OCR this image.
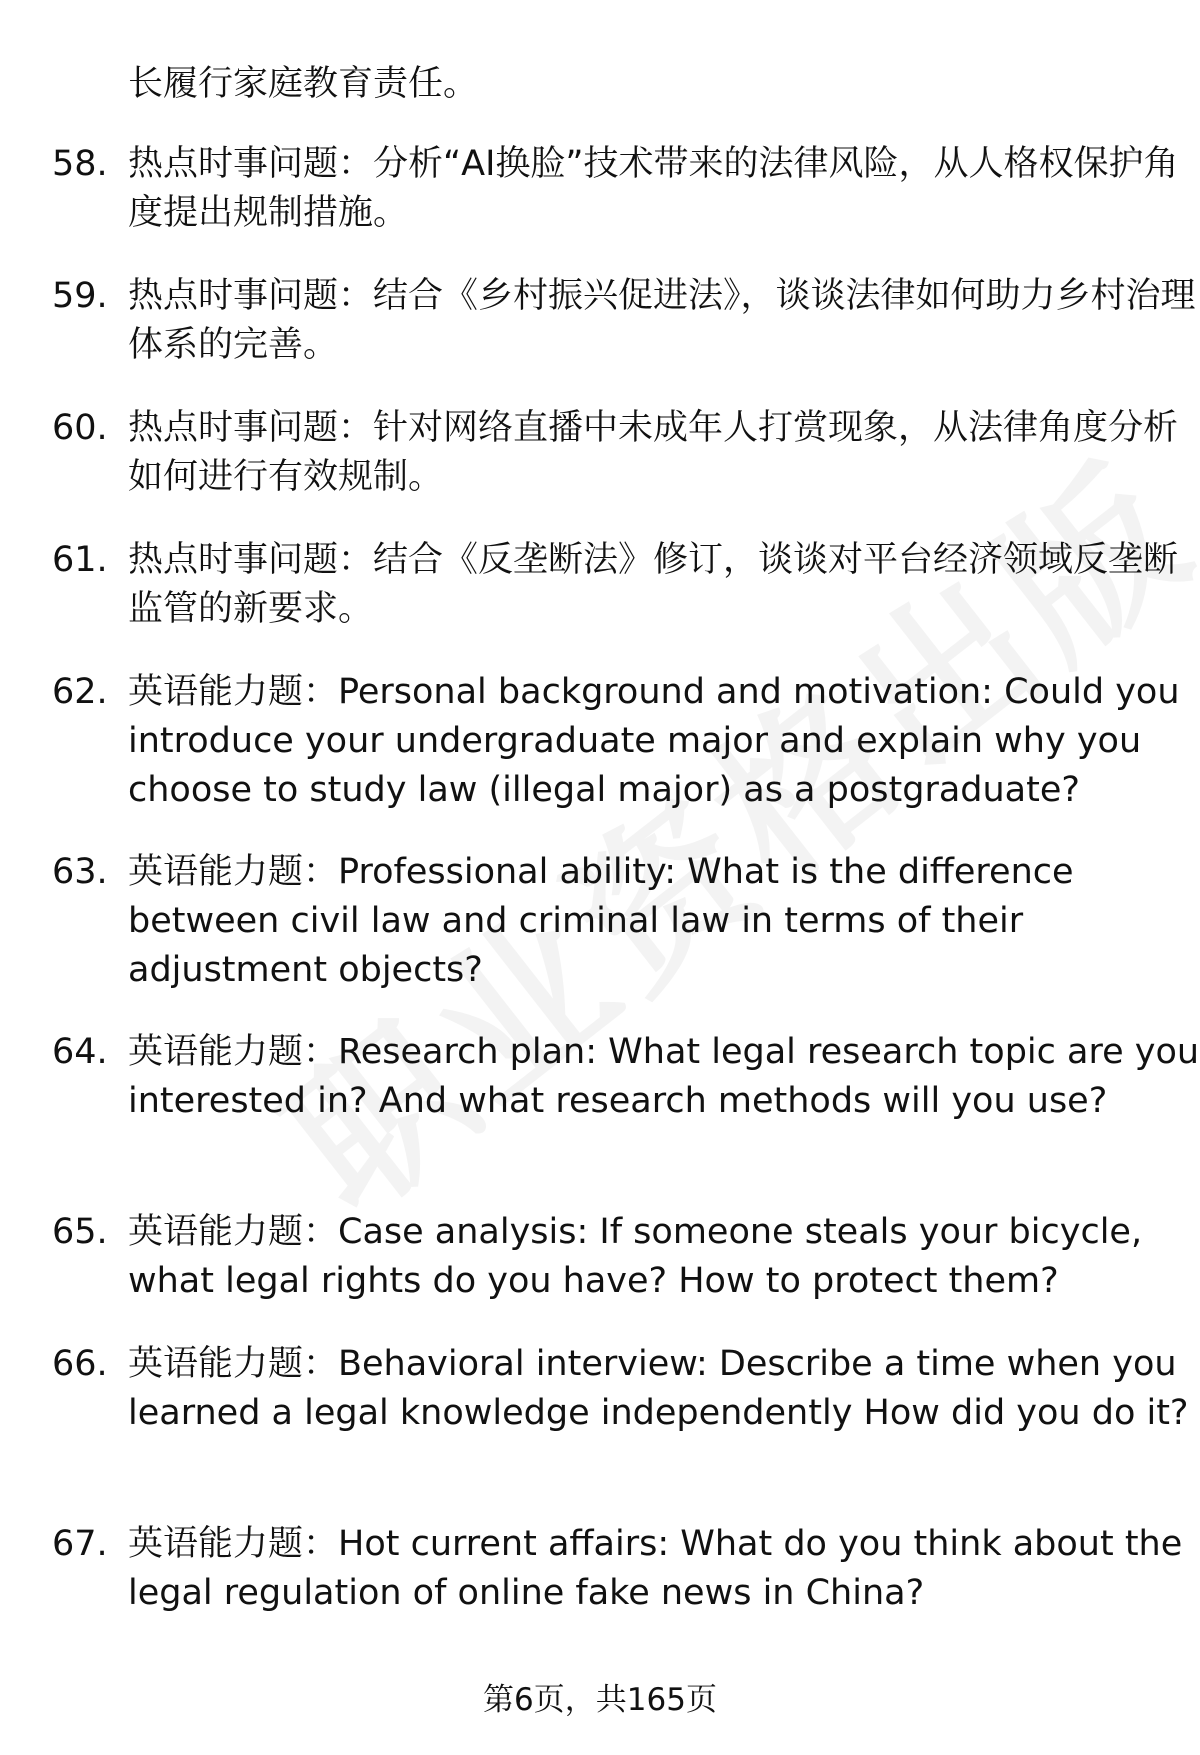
长履行家庭教育责任。
58. 热点时事问题：分析“AI换脸”技术带来的法律风险，从人格权保护角度提出规制措施。
59. 热点时事问题：结合《乡村振兴促进法》，谈谈法律如何助力乡村治理体系的完善。
60. 热点时事问题：针对网络直播中未成年人打赏现象，从法律角度分析如何进行有效规制。
61. 热点时事问题：结合《反垄断法》修订，谈谈对平台经济领域反垄断监管的新要求。
62. 英语能力题：Personal background and motivation: Could you introduce your undergraduate major and explain why you choose to study law (illegal major) as a postgraduate?
63. 英语能力题：Professional ability: What is the difference between civil law and criminal law in terms of their adjustment objects?
64. 英语能力题：Research plan: What legal research topic are you interested in? And what research methods will you use?
65. 英语能力题：Case analysis: If someone steals your bicycle, what legal rights do you have? How to protect them?
66. 英语能力题：Behavioral interview: Describe a time when you learned a legal knowledge independently How did you do it?
67. 英语能力题：Hot current affairs: What do you think about the legal regulation of online fake news in China?
第6页，共165页
